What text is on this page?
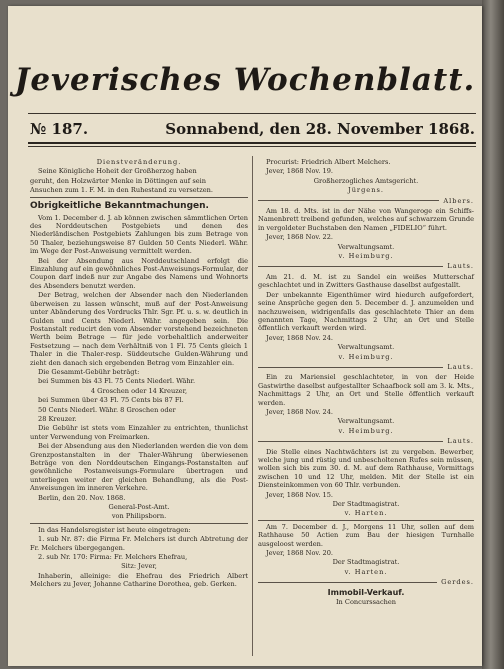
Jeverisches Wochenblatt.
№ 187.	Sonnabend, den 28. November 1868.

Dienstveränderung.

Seine Königliche Hoheit der Großherzog haben

geruht, den Holzwärter Menke in Döttingen auf sein

Ansuchen zum 1. F. M. in den Ruhestand zu versetzen.

Obrigkeitliche Bekanntmachungen.

Vom 1. December d. J. ab können zwischen sämmtlichen Orten des Norddeutschen Postgebiets und denen des Niederländischen Postgebiets Zahlungen bis zum Betrage von 50 Thaler, beziehungsweise 87 Gulden 50 Cents Niederl. Währ. im Wege der Post-Anweisung vermittelt werden.

Bei der Absendung aus Norddeutschland erfolgt die Einzahlung auf ein gewöhnliches Post-Anweisungs-Formular, der Coupon darf indeß nur zur Angabe des Namens und Wohnorts des Absenders benutzt werden.

Der Betrag, welchen der Absender nach den Niederlanden überweisen zu lassen wünscht, muß auf der Post-Anweisung unter Abänderung des Vordrucks Thlr. Sgr. Pf. u. s. w. deutlich in Gulden und Cents Niederl. Währ. angegeben sein. Die Postanstalt reducirt den vom Absender vorstehend bezeichneten Werth beim Betrage — für jede vorbehaltlich anderweiter Festsetzung — nach dem Verhältniß von 1 Fl. 75 Cents gleich 1 Thaler in die Thaler-resp. Süddeutsche Gulden-Währung und zieht den danach sich ergebenden Betrag vom Einzahler ein.

Die Gesammt-Gebühr beträgt:

bei Summen bis 43 Fl. 75 Cents Niederl. Währ.

4 Groschen oder 14 Kreuzer,

bei Summen über 43 Fl. 75 Cents bis 87 Fl.

50 Cents Niederl. Währ. 8 Groschen oder

28 Kreuzer.

Die Gebühr ist stets vom Einzahler zu entrichten, thunlichst unter Verwendung von Freimarken.

Bei der Absendung aus den Niederlanden werden die von dem Grenzpostanstalten in der Thaler-Währung überwiesenen Beträge von den Norddeutschen Eingangs-Postanstalten auf gewöhnliche Postanweisungs-Formulare übertragen und unterliegen weiter der gleichen Behandlung, als die Post-Anweisungen im inneren Verkehre.

Berlin, den 20. Nov. 1868.

General-Post-Amt.

von Philipsborn.

In das Handelsregister ist heute eingetragen:

1. sub Nr. 87: die Firma Fr. Melchers ist durch Abtretung der Fr. Melchers übergegangen.

2. sub Nr. 170: Firma: Fr. Melchers Ehefrau,

Sitz: Jever,

Inhaberin, alleinige: die Ehefrau des Friedrich Albert Melchers zu Jever, Johanne Catharine Dorothea, geb. Gerken.

Procurist: Friedrich Albert Melchers.

Jever, 1868 Nov. 19.

Großherzogliches Amtsgericht.

Jürgens.

Albers.

Am 18. d. Mts. ist in der Nähe von Wangeroge ein Schiffs-Namenbrett treibend gefunden, welches auf schwarzem Grunde in vergoldeter Buchstaben den Namen „FIDELIO“ führt.

Jever, 1868 Nov. 22.

Verwaltungsamt.

v. Heimburg.

Lauts.

Am 21. d. M. ist zu Sandel ein weißes Mutterschaf geschlachtet und in Zwitters Gasthause daselbst aufgestallt.

Der unbekannte Eigenthümer wird hiedurch aufgefordert, seine Ansprüche gegen den 5. December d. J. anzumelden und nachzuweisen, widrigenfalls das geschlachtete Thier an dem genannten Tage, Nachmittags 2 Uhr, an Ort und Stelle öffentlich verkauft werden wird.

Jever, 1868 Nov. 24.

Verwaltungsamt.

v. Heimburg.

Lauts.

Ein zu Mariensiel geschlachteter, in von der Heide Gastwirthe daselbst aufgestallter Schaafbock soll am 3. k. Mts., Nachmittags 2 Uhr, an Ort und Stelle öffentlich verkauft werden.

Jever, 1868 Nov. 24.

Verwaltungsamt.

v. Heimburg.

Lauts.

Die Stelle eines Nachtwächters ist zu vergeben. Bewerber, welche jung und rüstig und unbescholtenen Rufes sein müssen, wollen sich bis zum 30. d. M. auf dem Rathhause, Vormittags zwischen 10 und 12 Uhr, melden. Mit der Stelle ist ein Diensteinkommen von 60 Thlr. verbunden.

Jever, 1868 Nov. 15.

Der Stadtmagistrat.

v. Harten.

Am 7. December d. J., Morgens 11 Uhr, sollen auf dem Rathhause 50 Actien zum Bau der hiesigen Turnhalle ausgeloost werden.

Jever, 1868 Nov. 20.

Der Stadtmagistrat.

v. Harten.

Gerdes.
Immobil-Verkauf.

In Concurssachen
